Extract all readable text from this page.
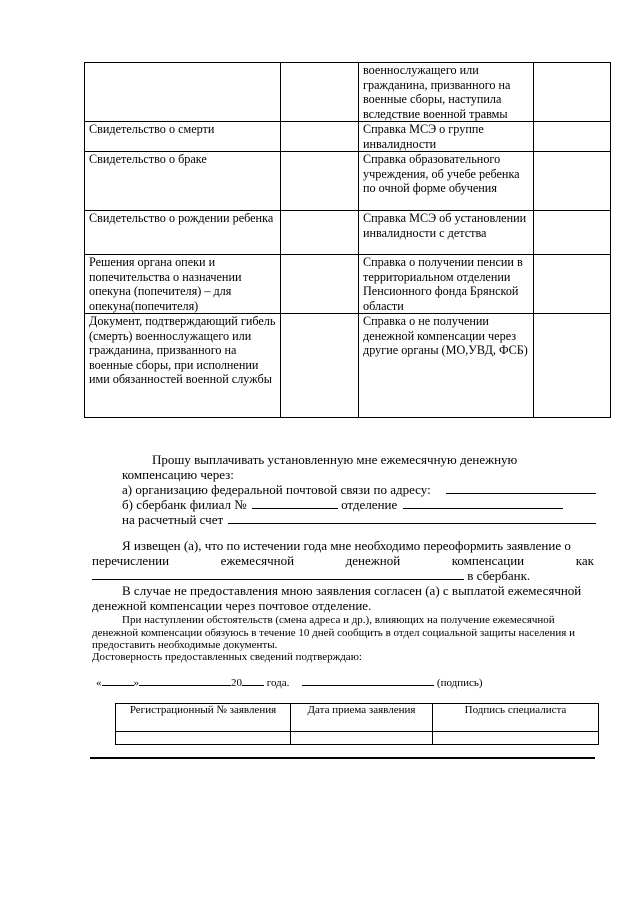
		военнослужащего или гражданина, призванного на военные сборы, наступила вследствие военной травмы	
Свидетельство о смерти		Справка МСЭ о группе инвалидности	
Свидетельство о браке		Справка образовательного учреждения, об учебе ребенка по очной форме обучения	
Свидетельство о рождении ребенка		Справка МСЭ об установлении инвалидности с детства	
Решения органа опеки и попечительства о назначении опекуна (попечителя) – для опекуна(попечителя)		Справка о получении пенсии в территориальном отделении Пенсионного фонда Брянской области	
Документ, подтверждающий гибель (смерть) военнослужащего или гражданина, призванного на военные сборы, при исполнении ими обязанностей военной службы		Справка о не получении денежной компенсации через другие органы (МО,УВД, ФСБ)	
Прошу выплачивать установленную мне ежемесячную денежную
компенсацию через:
а) организацию федеральной почтовой связи по адресу:
б) сбербанк филиал №	отделение
на расчетный счет
Я извещен (а), что по истечении года мне необходимо переоформить заявление о
перечислении	ежемесячной	денежной	компенсации	как
в сбербанк.
В случае не предоставления мною заявления согласен (а) с выплатой ежемесячной
денежной компенсации через почтовое отделение.
При наступлении обстоятельств (смена адреса и др.), влияющих на получение ежемесячной
денежной компенсации обязуюсь в течение 10 дней сообщить в отдел социальной защиты населения и
предоставить необходимые документы.
Достоверность предоставленных сведений подтверждаю:
«	»	20 года.	(подпись)
Регистрационный № заявления	Дата приема заявления	Подпись специалиста
